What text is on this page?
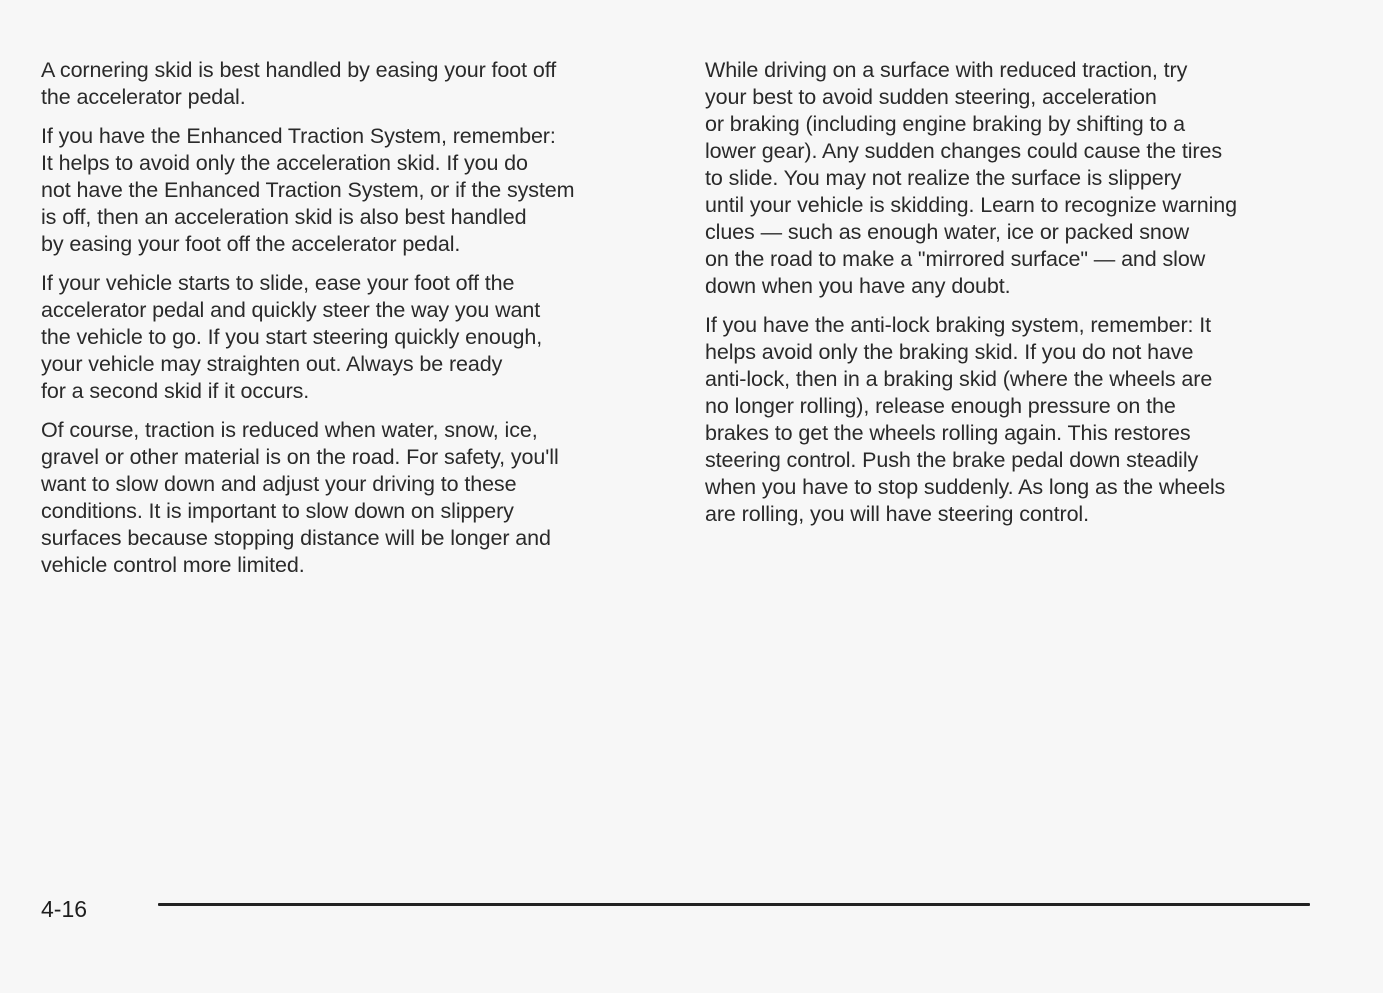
A cornering skid is best handled by easing your foot off
the accelerator pedal.

If you have the Enhanced Traction System, remember:
It helps to avoid only the acceleration skid. If you do
not have the Enhanced Traction System, or if the system
is off, then an acceleration skid is also best handled
by easing your foot off the accelerator pedal.

If your vehicle starts to slide, ease your foot off the
accelerator pedal and quickly steer the way you want
the vehicle to go. If you start steering quickly enough,
your vehicle may straighten out. Always be ready
for a second skid if it occurs.

Of course, traction is reduced when water, snow, ice,
gravel or other material is on the road. For safety, you'll
want to slow down and adjust your driving to these
conditions. It is important to slow down on slippery
surfaces because stopping distance will be longer and
vehicle control more limited.

While driving on a surface with reduced traction, try
your best to avoid sudden steering, acceleration
or braking (including engine braking by shifting to a
lower gear). Any sudden changes could cause the tires
to slide. You may not realize the surface is slippery
until your vehicle is skidding. Learn to recognize warning
clues — such as enough water, ice or packed snow
on the road to make a "mirrored surface" — and slow
down when you have any doubt.

If you have the anti-lock braking system, remember: It
helps avoid only the braking skid. If you do not have
anti-lock, then in a braking skid (where the wheels are
no longer rolling), release enough pressure on the
brakes to get the wheels rolling again. This restores
steering control. Push the brake pedal down steadily
when you have to stop suddenly. As long as the wheels
are rolling, you will have steering control.

4-16
